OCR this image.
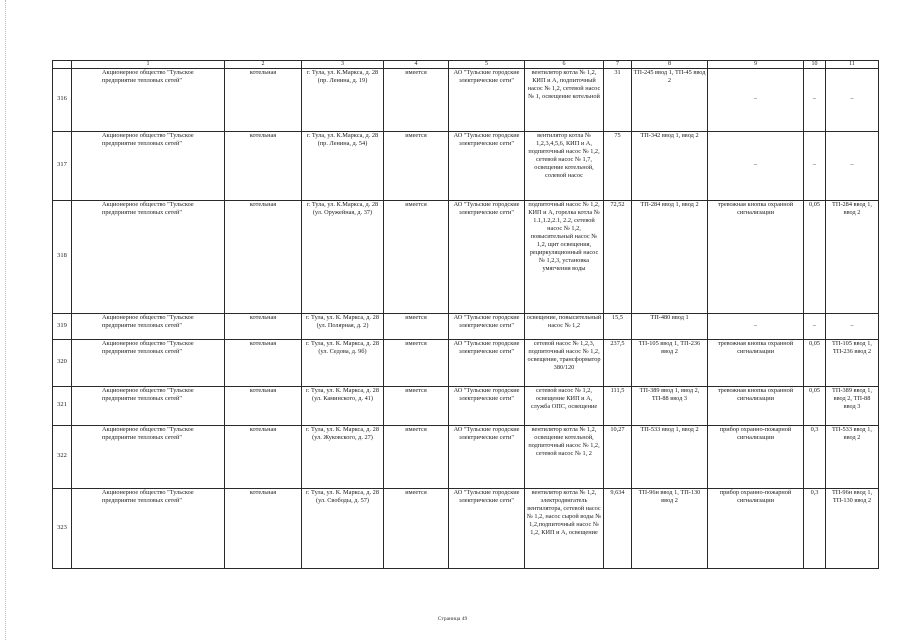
	1	2	3	4	5	6	7	8	9	10	11
316	Акционерное общество "Тульское предприятие тепловых сетей"	котельная	г. Тула, ул. К.Маркса, д. 28 (пр. Ленина, д. 19)	имеется	АО "Тульские городские электрические сети"	вентилятор котла № 1,2, КИП и А, подпиточный насос № 1,2, сетевой насос № 1, освещение котельной	31	ТП-245 ввод 1, ТП-45 ввод 2	–	–	–
317	Акционерное общество "Тульское предприятие тепловых сетей"	котельная	г. Тула, ул. К.Маркса, д. 28 (пр. Ленина, д. 54)	имеется	АО "Тульские городские электрические сети"	вентилятор котла № 1,2,3,4,5,6, КИП и А, подпиточный насос № 1,2, сетевой насос № 1,7, освещение котельной, солевой насос	75	ТП-342 ввод 1, ввод 2	–	–	–
318	Акционерное общество "Тульское предприятие тепловых сетей"	котельная	г. Тула, ул. К.Маркса, д. 28 (ул. Оружейная, д. 37)	имеется	АО "Тульские городские электрические сети"	подпиточный насос № 1,2, КИП и А, горелка котла № 1.1,1.2,2.1, 2.2, сетевой насос № 1,2, повысительный насос № 1,2, щит освещения, рециркуляционный насос № 1,2,3, установка умягчения воды	72,52	ТП-284 ввод 1, ввод 2	тревожная кнопка охранной сигнализации	0,05	ТП-284 ввод 1, ввод 2
319	Акционерное общество "Тульское предприятие тепловых сетей"	котельная	г. Тула, ул. К. Маркса, д. 28 (ул. Полярная, д. 2)	имеется	АО "Тульские городские электрические сети"	освещение, повысительный насос № 1,2	15,5	ТП-480 ввод 1	–	–	–
320	Акционерное общество "Тульское предприятие тепловых сетей"	котельная	г. Тула, ул. К. Маркса, д. 28 (ул. Седова, д. 9б)	имеется	АО "Тульские городские электрические сети"	сетевой насос № 1,2,3, подпиточный насос № 1,2, освещение, трансформатор 380/120	237,5	ТП-105 ввод 1, ТП-236 ввод 2	тревожная кнопка охранной сигнализации	0,05	ТП-105 ввод 1, ТП-236 ввод 2
321	Акционерное общество "Тульское предприятие тепловых сетей"	котельная	г. Тула, ул. К. Маркса, д. 28 (ул. Каминского, д. 41)	имеется	АО "Тульские городские электрические сети"	сетевой насос № 1,2, освещение КИП и А, служба ОПС, освещение	111,5	ТП-389 ввод 1, ввод 2, ТП-88 ввод 3	тревожная кнопка охранной сигнализации	0,05	ТП-389 ввод 1, ввод 2, ТП-88 ввод 3
322	Акционерное общество "Тульское предприятие тепловых сетей"	котельная	г. Тула, ул. К. Маркса, д. 28 (ул. Жуковского, д. 27)	имеется	АО "Тульские городские электрические сети"	вентилятор котла № 1,2, освещение котельной, подпиточный насос № 1,2, сетевой насос № 1, 2	10,27	ТП-533 ввод 1, ввод 2	прибор охранно-пожарной сигнализации	0,3	ТП-533 ввод 1, ввод 2
323	Акционерное общество "Тульское предприятие тепловых сетей"	котельная	г. Тула, ул. К. Маркса, д. 28 (ул. Свободы, д. 57)	имеется	АО "Тульские городские электрические сети"	вентилятор котла № 1,2, электродвигатель вентилятора, сетевой насос № 1,2, насос сырой воды № 1,2,подпиточный насос № 1,2, КИП и А, освещение	9,634	ТП-96н ввод 1, ТП-130 ввод 2	прибор охранно-пожарной сигнализации	0,3	ТП-96н ввод 1, ТП-130 ввод 2
Страница 49
